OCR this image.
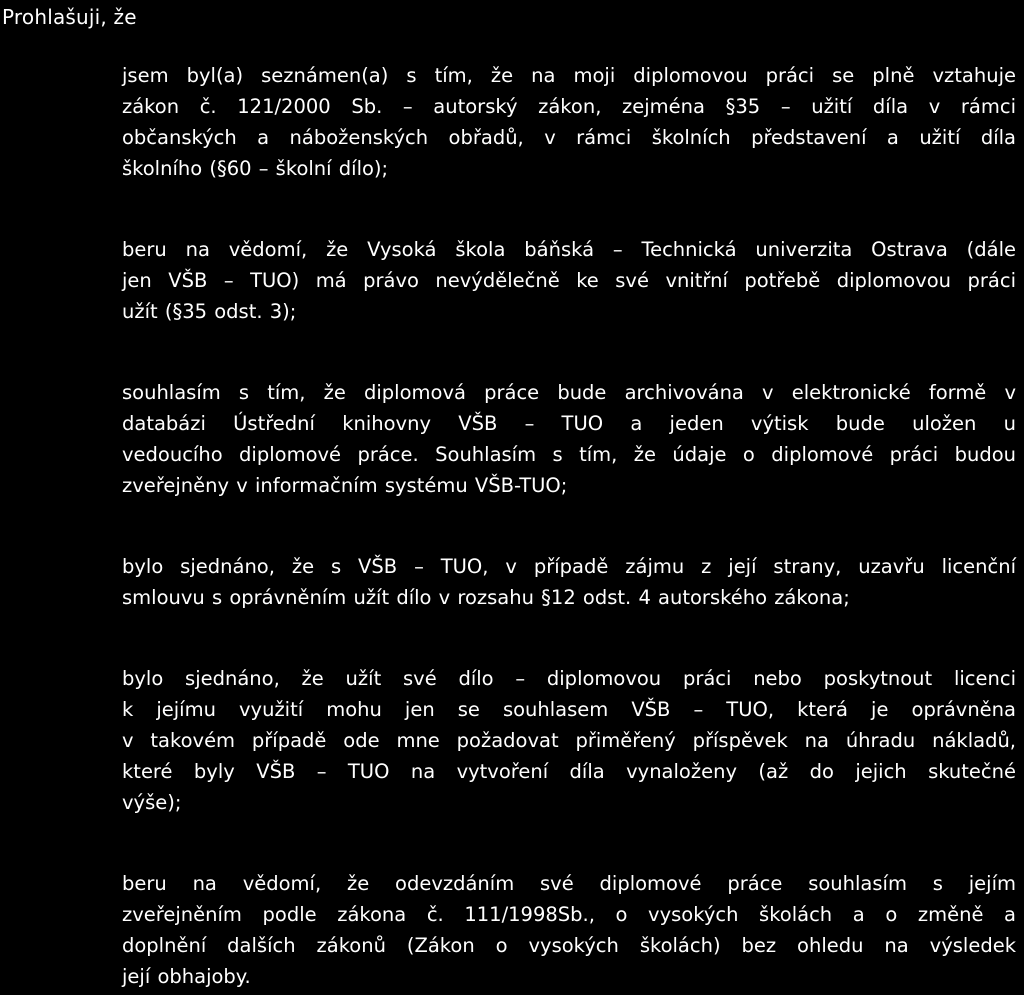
Prohlašuji, že
jsem byl(a) seznámen(a) s tím, že na moji diplomovou práci se plně vztahuje
zákon č. 121/2000 Sb. – autorský zákon, zejména §35 – užití díla v rámci
občanských a náboženských obřadů, v rámci školních představení a užití díla
školního (§60 – školní dílo);
beru na vědomí, že Vysoká škola báňská – Technická univerzita Ostrava (dále
jen VŠB – TUO) má právo nevýdělečně ke své vnitřní potřebě diplomovou práci
užít (§35 odst. 3);
souhlasím s tím, že diplomová práce bude archivována v elektronické formě v
databázi Ústřední knihovny VŠB – TUO a jeden výtisk bude uložen u
vedoucího diplomové práce. Souhlasím s tím, že údaje o diplomové práci budou
zveřejněny v informačním systému VŠB-TUO;
bylo sjednáno, že s VŠB – TUO, v případě zájmu z její strany, uzavřu licenční
smlouvu s oprávněním užít dílo v rozsahu §12 odst. 4 autorského zákona;
bylo sjednáno, že užít své dílo – diplomovou práci nebo poskytnout licenci
k jejímu využití mohu jen se souhlasem VŠB – TUO, která je oprávněna
v takovém případě ode mne požadovat přiměřený příspěvek na úhradu nákladů,
které byly VŠB – TUO na vytvoření díla vynaloženy (až do jejich skutečné
výše);
beru na vědomí, že odevzdáním své diplomové práce souhlasím s jejím
zveřejněním podle zákona č. 111/1998Sb., o vysokých školách a o změně a
doplnění dalších zákonů (Zákon o vysokých školách) bez ohledu na výsledek
její obhajoby.
